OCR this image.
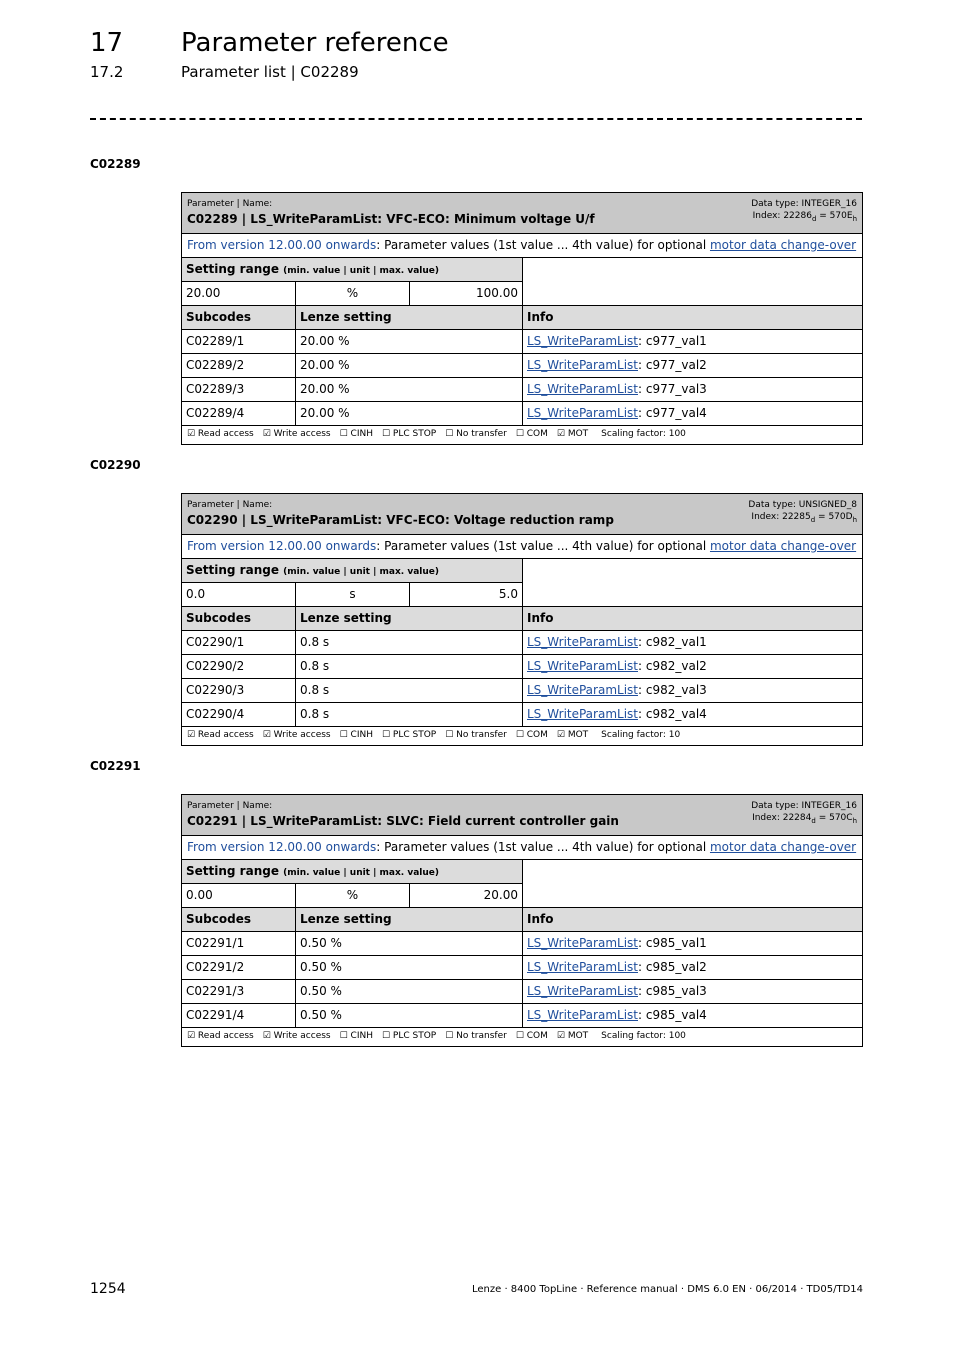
17 Parameter reference
17.2	Parameter list | C02289
C02289
Parameter | Name:
C02289 | LS_WriteParamList: VFC-ECO: Minimum voltage U/f
Data type: INTEGER_16
Index: $22286_d = 570E_h$
From version 12.00.00 onwards: Parameter values (1st value ... 4th value) for optional motor data change-over
Setting range (min. value | unit | max. value)
20.00	%	100.00
Subcodes	Lenze setting	Info
C02289/1	20.00 %	LS_WriteParamList: c977_val1
C02289/2	20.00 %	LS_WriteParamList: c977_val2
C02289/3	20.00 %	LS_WriteParamList: c977_val3
C02289/4	20.00 %	LS_WriteParamList: c977_val4
☑ Read access ☑ Write access ☐ CINH ☐ PLC STOP ☐ No transfer ☐ COM ☑ MOT Scaling factor: 100
C02290
Parameter | Name:
C02290 | LS_WriteParamList: VFC-ECO: Voltage reduction ramp
Data type: UNSIGNED_8
Index: $22285_d = 570D_h$
From version 12.00.00 onwards: Parameter values (1st value ... 4th value) for optional motor data change-over
Setting range (min. value | unit | max. value)
0.0	s	5.0
Subcodes	Lenze setting	Info
C02290/1	0.8 s	LS_WriteParamList: c982_val1
C02290/2	0.8 s	LS_WriteParamList: c982_val2
C02290/3	0.8 s	LS_WriteParamList: c982_val3
C02290/4	0.8 s	LS_WriteParamList: c982_val4
☑ Read access ☑ Write access ☐ CINH ☐ PLC STOP ☐ No transfer ☐ COM ☑ MOT Scaling factor: 10
C02291
Parameter | Name:
C02291 | LS_WriteParamList: SLVC: Field current controller gain
Data type: INTEGER_16
Index: $22284_d = 570C_h$
From version 12.00.00 onwards: Parameter values (1st value ... 4th value) for optional motor data change-over
Setting range (min. value | unit | max. value)
0.00	%	20.00
Subcodes	Lenze setting	Info
C02291/1	0.50 %	LS_WriteParamList: c985_val1
C02291/2	0.50 %	LS_WriteParamList: c985_val2
C02291/3	0.50 %	LS_WriteParamList: c985_val3
C02291/4	0.50 %	LS_WriteParamList: c985_val4
☑ Read access ☑ Write access ☐ CINH ☐ PLC STOP ☐ No transfer ☐ COM ☑ MOT Scaling factor: 100
1254	Lenze · 8400 TopLine · Reference manual · DMS 6.0 EN · 06/2014 · TD05/TD14
